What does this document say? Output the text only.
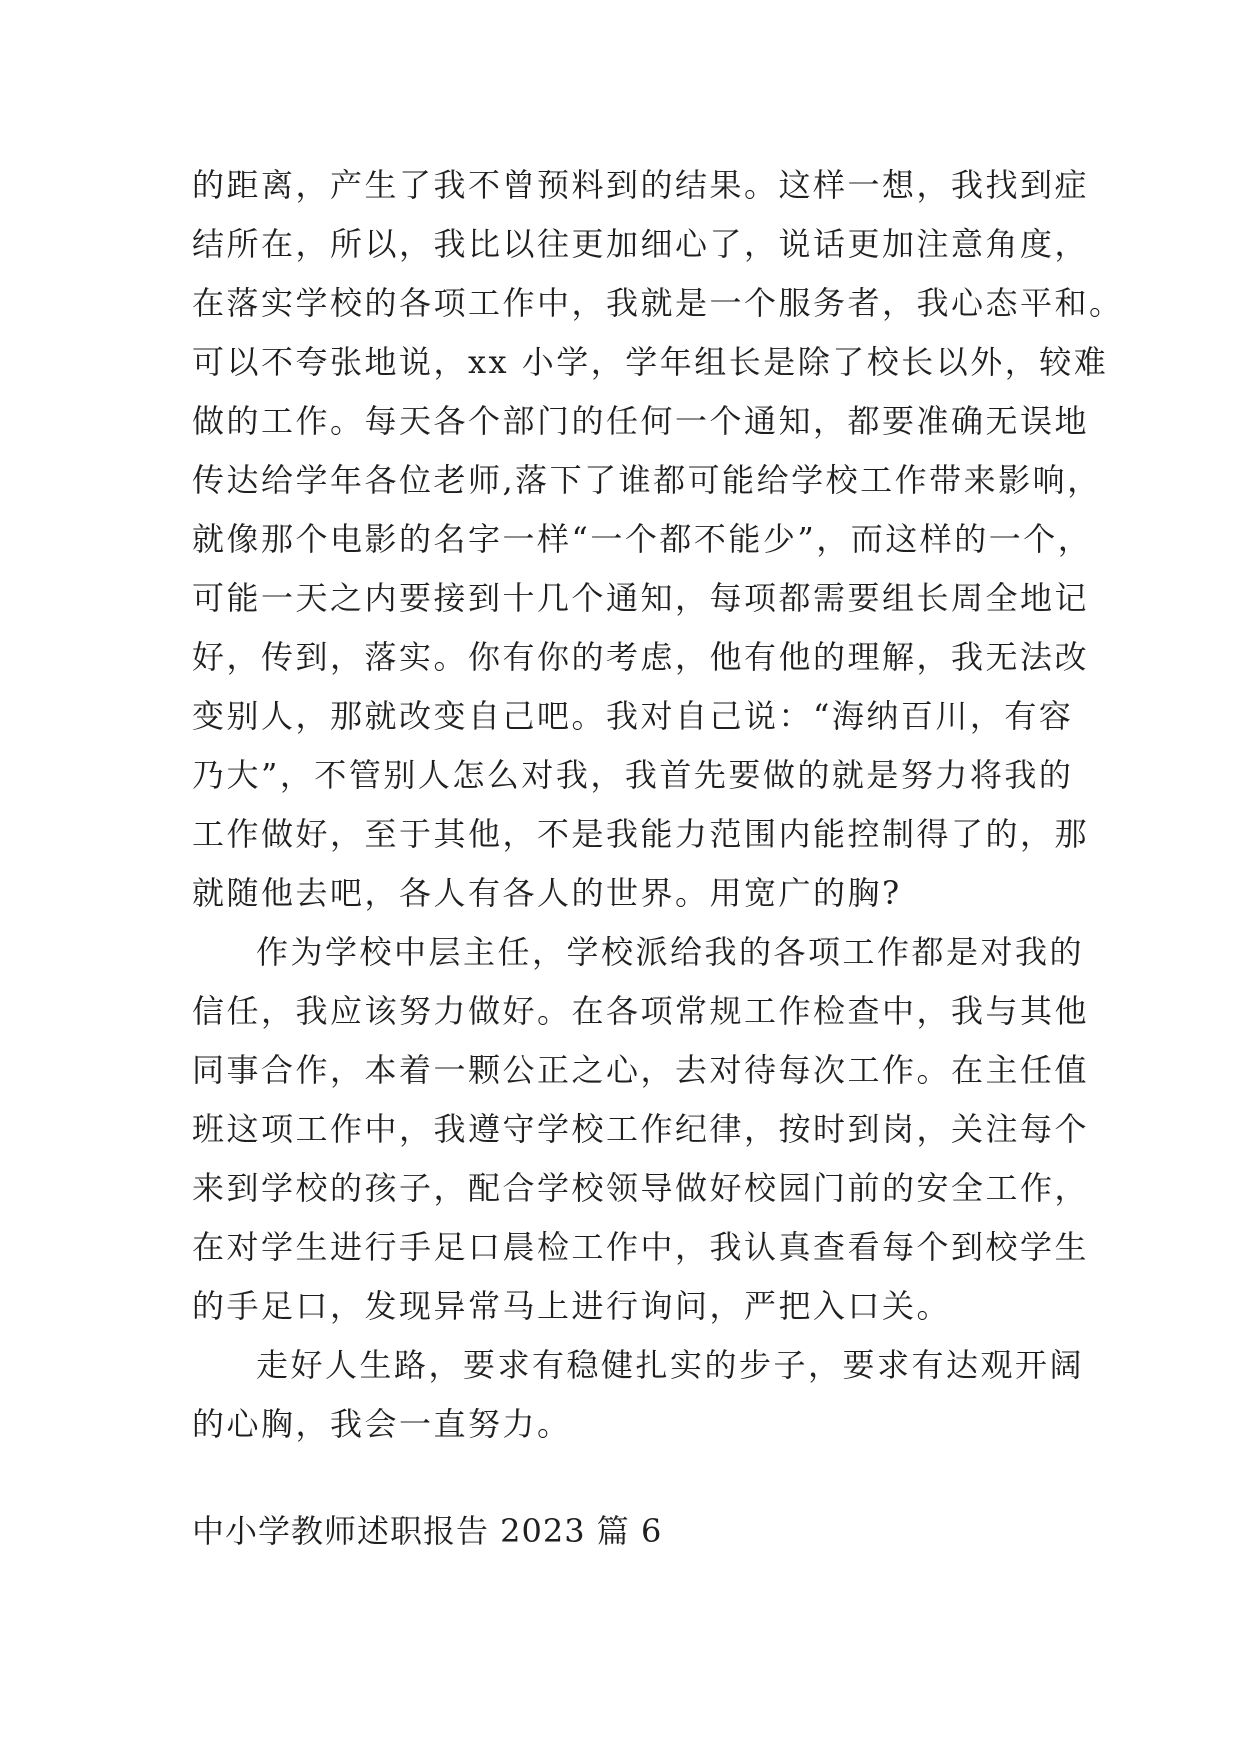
的距离，产生了我不曾预料到的结果。这样一想，我找到症
结所在，所以，我比以往更加细心了，说话更加注意角度，
在落实学校的各项工作中，我就是一个服务者，我心态平和。
可以不夸张地说，xx 小学，学年组长是除了校长以外，较难
做的工作。每天各个部门的任何一个通知，都要准确无误地
传达给学年各位老师,落下了谁都可能给学校工作带来影响，
就像那个电影的名字一样“一个都不能少”，而这样的一个，
可能一天之内要接到十几个通知，每项都需要组长周全地记
好，传到，落实。你有你的考虑，他有他的理解，我无法改
变别人，那就改变自己吧。我对自己说：“海纳百川，有容
乃大”，不管别人怎么对我，我首先要做的就是努力将我的
工作做好，至于其他，不是我能力范围内能控制得了的，那
就随他去吧，各人有各人的世界。用宽广的胸?
作为学校中层主任，学校派给我的各项工作都是对我的
信任，我应该努力做好。在各项常规工作检查中，我与其他
同事合作，本着一颗公正之心，去对待每次工作。在主任值
班这项工作中，我遵守学校工作纪律，按时到岗，关注每个
来到学校的孩子，配合学校领导做好校园门前的安全工作，
在对学生进行手足口晨检工作中，我认真查看每个到校学生
的手足口，发现异常马上进行询问，严把入口关。
走好人生路，要求有稳健扎实的步子，要求有达观开阔
的心胸，我会一直努力。
中小学教师述职报告 2023 篇 6
